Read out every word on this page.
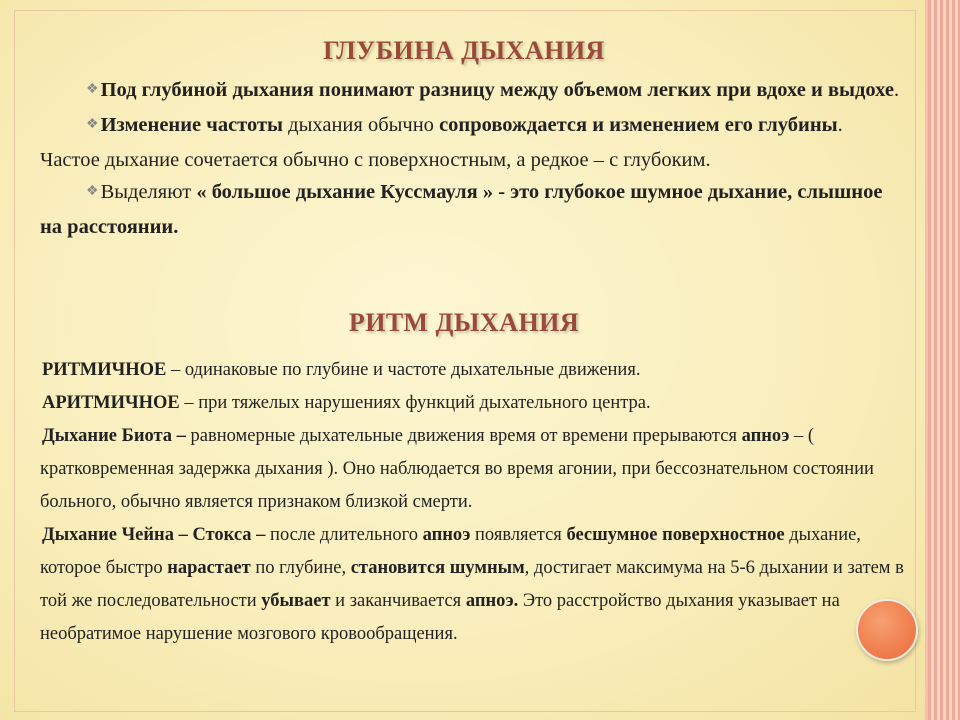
ГЛУБИНА ДЫХАНИЯ

❖Под глубиной дыхания понимают разницу между объемом легких при вдохе и выдохе.

❖Изменение частоты дыхания обычно сопровождается и изменением его глубины. Частое дыхание сочетается обычно с поверхностным, а редкое – с глубоким.

❖Выделяют « большое дыхание Куссмауля » - это глубокое шумное дыхание, слышное на расстоянии.

РИТМ ДЫХАНИЯ

РИТМИЧНОЕ – одинаковые по глубине и частоте дыхательные движения.

АРИТМИЧНОЕ – при тяжелых нарушениях функций дыхательного центра.

Дыхание Биота – равномерные дыхательные движения время от времени прерываются апноэ – ( кратковременная задержка дыхания ). Оно наблюдается во время агонии, при бессознательном состоянии больного, обычно является признаком близкой смерти.

Дыхание Чейна – Стокса – после длительного апноэ появляется бесшумное поверхностное дыхание, которое быстро нарастает по глубине, становится шумным, достигает максимума на 5-6 дыхании и затем в той же последовательности убывает и заканчивается апноэ. Это расстройство дыхания указывает на необратимое нарушение мозгового кровообращения.
